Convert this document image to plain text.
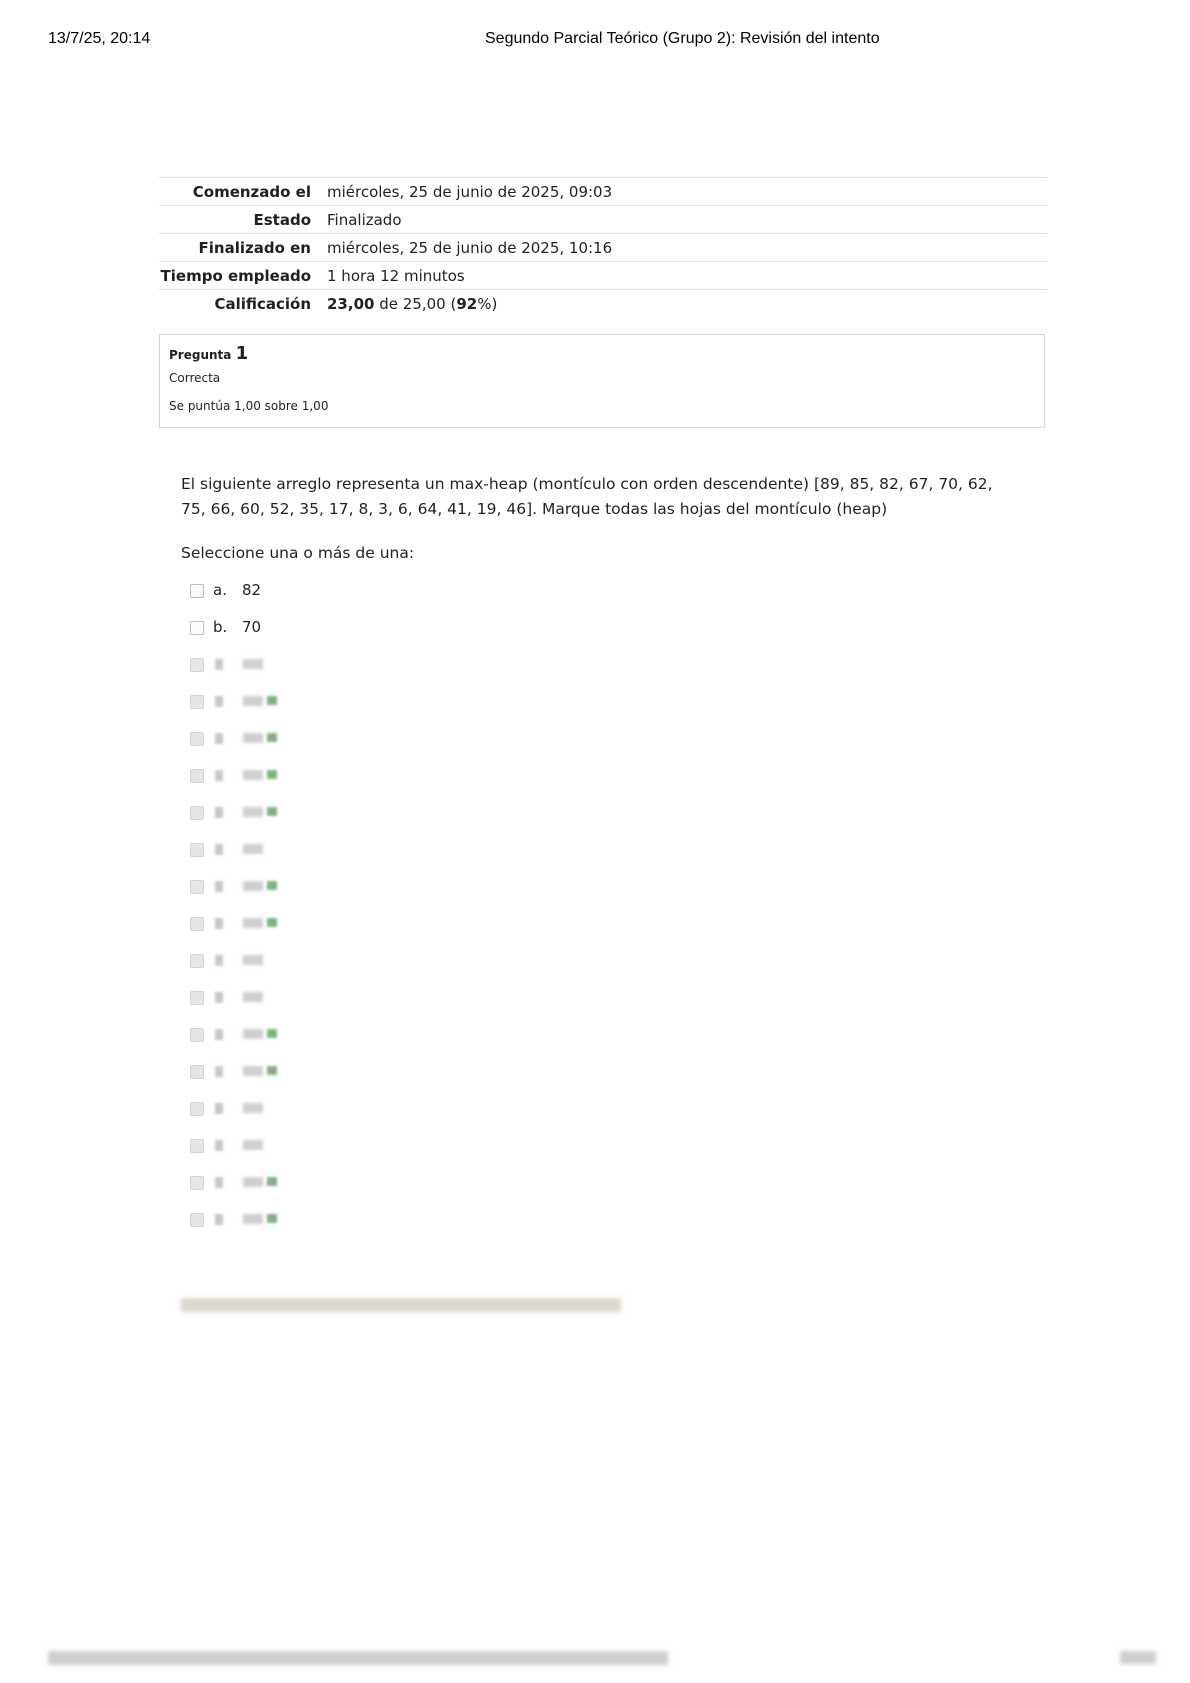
13/7/25, 20:14	Segundo Parcial Teórico (Grupo 2): Revisión del intento
Comenzado el	miércoles, 25 de junio de 2025, 09:03
Estado	Finalizado
Finalizado en	miércoles, 25 de junio de 2025, 10:16
Tiempo empleado	1 hora 12 minutos
Calificación	23,00 de 25,00 (92%)
Pregunta 1
Correcta
Se puntúa 1,00 sobre 1,00
El siguiente arreglo representa un max-heap (montículo con orden descendente) [89, 85, 82, 67, 70, 62, 75, 66, 60, 52, 35, 17, 8, 3, 6, 64, 41, 19, 46]. Marque todas las hojas del montículo (heap)
Seleccione una o más de una:
a. 82
b. 70
